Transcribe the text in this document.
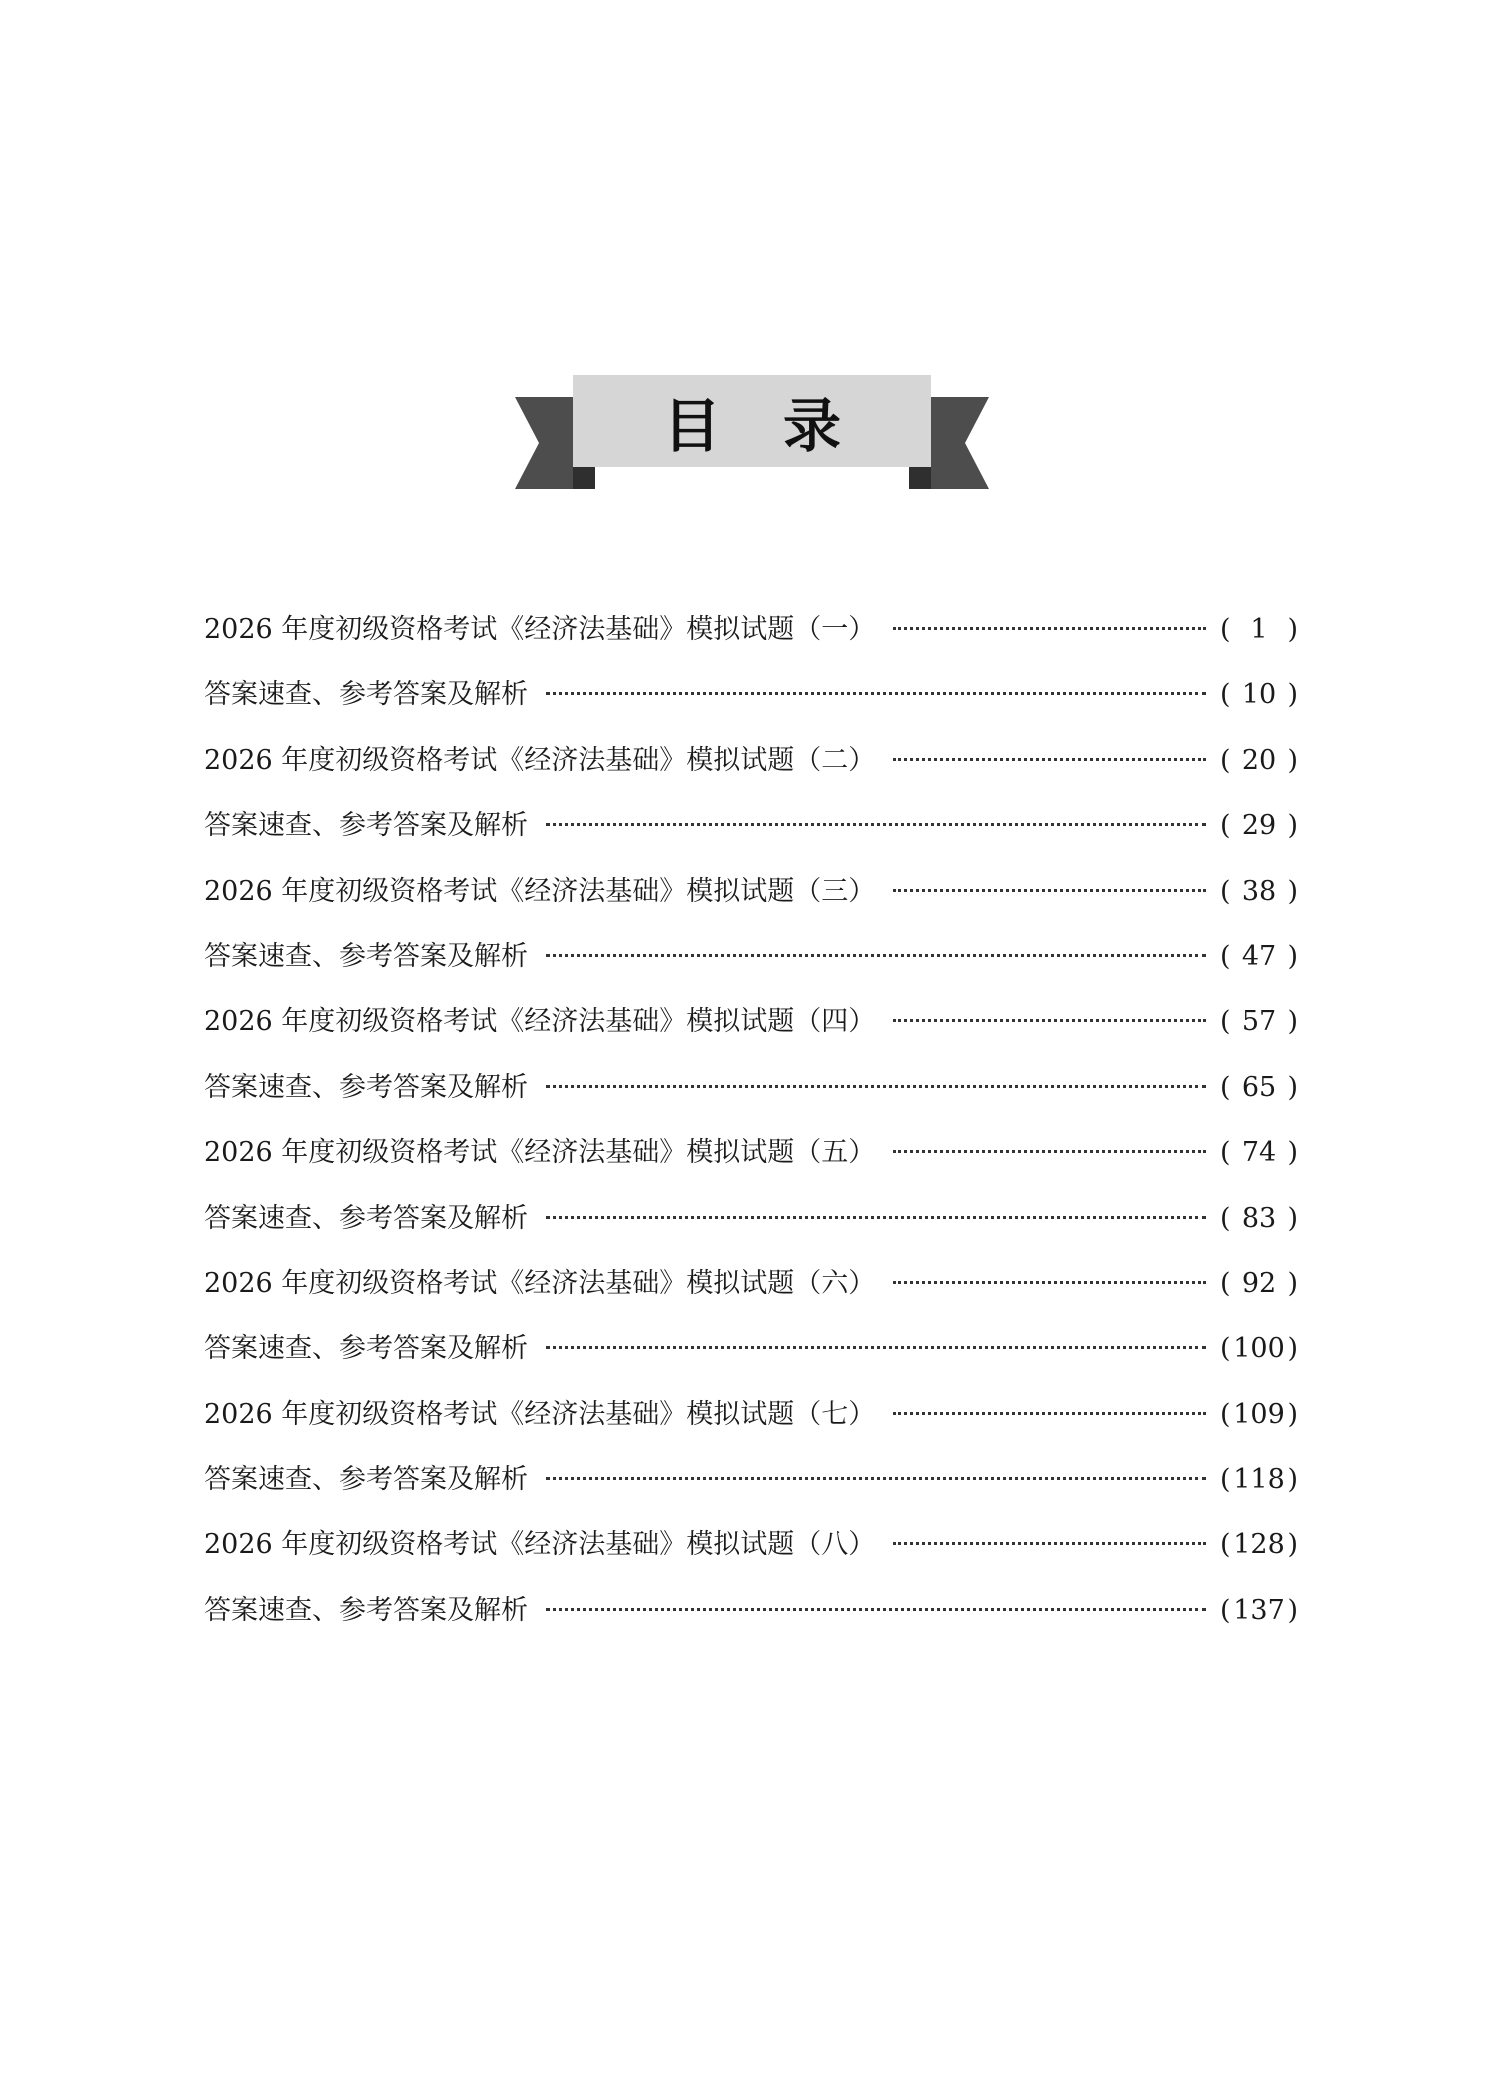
目录
2026 年度初级资格考试《经济法基础》模拟试题（一）	( 1 )
答案速查、参考答案及解析	( 10 )
2026 年度初级资格考试《经济法基础》模拟试题（二）	( 20 )
答案速查、参考答案及解析	( 29 )
2026 年度初级资格考试《经济法基础》模拟试题（三）	( 38 )
答案速查、参考答案及解析	( 47 )
2026 年度初级资格考试《经济法基础》模拟试题（四）	( 57 )
答案速查、参考答案及解析	( 65 )
2026 年度初级资格考试《经济法基础》模拟试题（五）	( 74 )
答案速查、参考答案及解析	( 83 )
2026 年度初级资格考试《经济法基础》模拟试题（六）	( 92 )
答案速查、参考答案及解析	( 100 )
2026 年度初级资格考试《经济法基础》模拟试题（七）	( 109 )
答案速查、参考答案及解析	( 118 )
2026 年度初级资格考试《经济法基础》模拟试题（八）	( 128 )
答案速查、参考答案及解析	( 137 )
